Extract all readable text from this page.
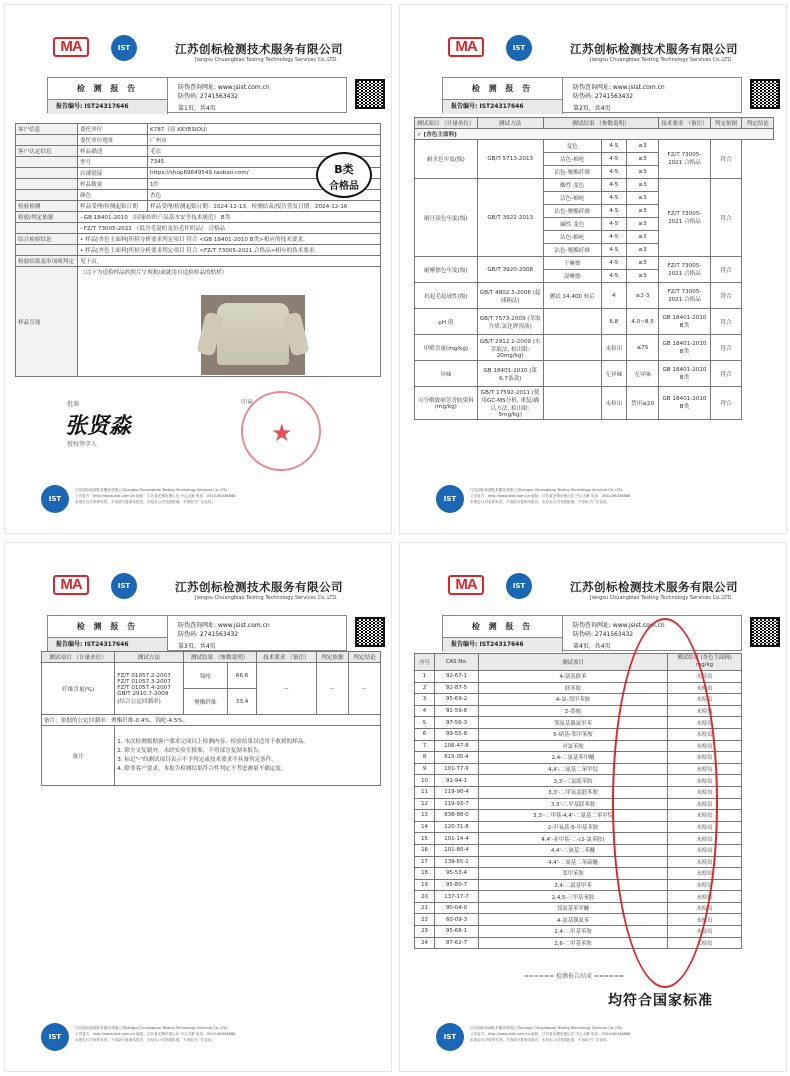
MA	IST	江苏创标检测技术服务有限公司
Jiangsu Chuangbiao Testing Technology Services Co.,LTD.
检 测 报 告
报告编号: IST24317646
防伪查询网址: www.jsist.com.cn
防伪码: 2741563432
第1页，共4页
客户信息	委托单位	K787（原 KKYESIOU）
	委托单位地址	广州市
客户认定信息	样品描述	毛衣
	型号	7345
	店铺链接	https://shop69649549.taobao.com/
	样品数量	1件
	颜色	杏色
检验检测	样品受理/检测起始日期	样品受理/检测起始日期：2024-12-13，检测结束/报告签发日期：2024-12-16
检验/判定依据	- GB 18401-2010 《国家纺织产品基本安全技术规范》 B类	
	- FZ/T 73005-2021 《低含毛混纺及仿毛针织品》 合格品	
综合检验结论	• 样品[杏色主面料]所检分析要求判定项目 符合 <GB 18401-2010 B类>相应的技术要求。	
	• 样品[杏色主面料]所检分析要求判定项目 符合 <FZ/T 73005-2021 合格品>相应的技术要求。	
检验结果及串项项判定	见下页。	
样品呈现	（以下为送检样品的照片呈现和/或就用自送检样品的贴样）	
批准
张贤淼
授权签字人
印章
★
IST
江苏创标检测技术服务有限公司Jiangsu Chuangbiao Testing Technology Services Co.,LTD.
公司官方：http://www.jsist.com.cn 地址：江苏省无锡市惠山区 中心大厦 电话：0510-86336888
本报告仅对来样负责。不得部分复制本报告，未经本公司书面批准，不得用于广告宣传。
B类
合格品
MA	IST	江苏创标检测技术服务有限公司
Jiangsu Chuangbiao Testing Technology Services Co.,LTD.
检 测 报 告
报告编号: IST24317646
防伪查询网址: www.jsist.com.cn
防伪码: 2741563432
第2页，共4页
测试项目 （计量单位）	测试方法	测试结果 （参数说明）			技术要求 （备注）	判定依据	判定结论
✓ [杏色主面料]							
耐水色牢度(级)	GB/T 5713-2013	变色	4-5	≥3	FZ/T 73005-2021 合格品	符合	
		沾色-棉纶	4-5	≥3			
		沾色-聚酯纤维	4-5	≥3			
耐汗渍色牢度(级)	GB/T 3922-2013	酸性 变色	4-5	≥3	FZ/T 73005-2021 合格品	符合	
		沾色-棉纶	4-5	≥3			
		沾色-聚酯纤维	4-5	≥3			
		碱性 变色	4-5	≥3			
		沾色-棉纶	4-5	≥3			
		沾色-聚酯纤维	4-5	≥3			
耐摩擦色牢度(级)	GB/T 3920-2008	干摩擦	4-5	≥3	FZ/T 73005-2021 合格品	符合	
		湿摩擦	4-5	≥3			
抗起毛起球性(级)	GB/T 4802.3-2008 (起球箱法)	测试 14,400 转后	4	≥2-3	FZ/T 73005-2021 合格品	符合	
pH 值	GB/T 7573-2009 (萃取介质:氯化钾溶液)		6.8	4.0~8.5	GB 18401-2010 B类	符合	
甲醛含量(mg/kg)	GB/T 2912.1-2009 (水萃取法, 检出限: 20mg/kg)		未检出	≤75	GB 18401-2010 B类	符合	
异味	GB 18401-2010 (第6.7条款)		无异味	无异味	GB 18401-2010 B类	符合	
可分解致癌芳香胺染料(mg/kg)	GB/T 17592-2011 (使用GC-MS分析, 重复/确认方法, 检出限: 5mg/kg)		未检出	禁用≤20	GB 18401-2010 B类	符合	
IST
江苏创标检测技术服务有限公司Jiangsu Chuangbiao Testing Technology Services Co.,LTD.
公司官方：http://www.jsist.com.cn 地址：江苏省无锡市惠山区 中心大厦 电话：0510-86336888
本报告仅对来样负责。不得部分复制本报告，未经本公司书面批准，不得用于广告宣传。
MA	IST	江苏创标检测技术服务有限公司
Jiangsu Chuangbiao Testing Technology Services Co.,LTD.
检 测 报 告
报告编号: IST24317646
防伪查询网址: www.jsist.com.cn
防伪码: 2741563432
第3页，共4页
测试项目 （计量单位）	测试方法	测试结果 （参数说明）		技术要求 （备注）	判定依据	判定结论
纤维含量(%)	FZ/T 01057.2-2007
FZ/T 01057.3-2007
FZ/T 01057.4-2007
GB/T 2910.7-2009
(结合公定回潮率)	锦纶	66.6	--	--	--
		聚酯纤维	33.4			
备注：依据的公定回潮率：聚酯纤维-0.4%，锦纶-4.5%。						
备注	1. 本次检测根据客户要求完成以上检测内容，检验结果仅适用于收到的样品。
2. 除全文复制外，未经实验室批准，不得部分复制本报告。
3. 标记"-"的测试项目表示不予判定或技术要求不具备判定条件。
4. 除非客户要求，本报告检测结果符合性判定不考虑测量不确定度。					
IST
江苏创标检测技术服务有限公司Jiangsu Chuangbiao Testing Technology Services Co.,LTD.
公司官方：http://www.jsist.com.cn 地址：江苏省无锡市惠山区 中心大厦 电话：0510-86336888
本报告仅对来样负责。不得部分复制本报告，未经本公司书面批准，不得用于广告宣传。
MA	IST	江苏创标检测技术服务有限公司
Jiangsu Chuangbiao Testing Technology Services Co.,LTD.
检 测 报 告
报告编号: IST24317646
防伪查询网址: www.jsist.com.cn
防伪码: 2741563432
第4页，共4页
序号	CAS No.	测试项目	测试结果 (杏色主面料)
mg/kg

1	92-67-1	4-氨基联苯	未检出
2	92-87-5	联苯胺	未检出
3	95-69-2	4-氯-邻甲苯胺	未检出
4	91-59-8	2-萘胺	未检出
5	97-56-3	邻氨基偶氮甲苯	未检出
6	99-55-8	5-硝基-邻甲苯胺	未检出
7	106-47-8	对氯苯胺	未检出
8	615-05-4	2,4-二氨基苯甲醚	未检出
9	101-77-9	4,4'-二氨基二苯甲烷	未检出
10	91-94-1	3,3'-二氯联苯胺	未检出
11	119-90-4	3,3'-二甲氧基联苯胺	未检出
12	119-93-7	3,3'-二甲基联苯胺	未检出
13	838-88-0	3,3'-二甲基-4,4'-二氨基二苯甲烷	未检出
14	120-71-8	2-甲氧基-5-甲基苯胺	未检出
15	101-14-4	4,4'-亚甲基-二-(2-氯苯胺)	未检出
16	101-80-4	4,4'-二氨基二苯醚	未检出
17	139-65-1	4,4'-二氨基二苯硫醚	未检出
18	95-53-4	邻甲苯胺	未检出
19	95-80-7	2,4-二氨基甲苯	未检出
20	137-17-7	2,4,5-三甲基苯胺	未检出
21	90-04-0	邻氨基苯甲醚	未检出
22	60-09-3	4-氨基偶氮苯	未检出
23	95-68-1	2,4-二甲基苯胺	未检出
24	87-62-7	2,6-二甲基苯胺	未检出
====== 检测报告结束 ======
IST
江苏创标检测技术服务有限公司Jiangsu Chuangbiao Testing Technology Services Co.,LTD.
公司官方：http://www.jsist.com.cn 地址：江苏省无锡市惠山区 中心大厦 电话：0510-86336888
本报告仅对来样负责。不得部分复制本报告，未经本公司书面批准，不得用于广告宣传。
均符合国家标准
